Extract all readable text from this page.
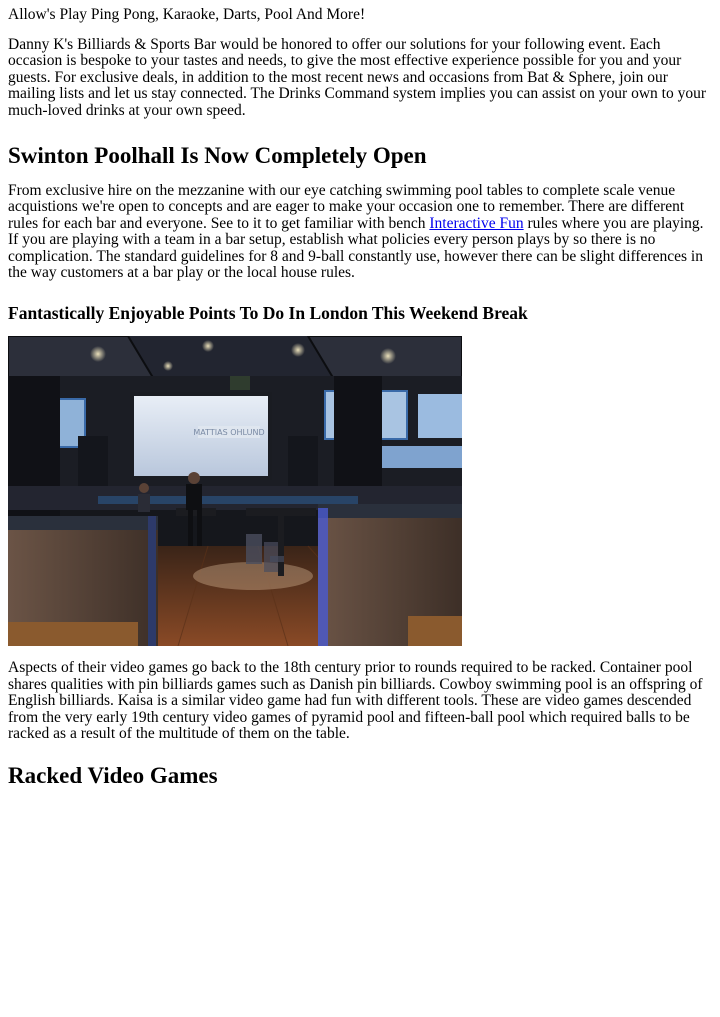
Allow's Play Ping Pong, Karaoke, Darts, Pool And More!

Danny K's Billiards & Sports Bar would be honored to offer our solutions for your following event. Each occasion is bespoke to your tastes and needs, to give the most effective experience possible for you and your guests. For exclusive deals, in addition to the most recent news and occasions from Bat & Sphere, join our mailing lists and let us stay connected. The Drinks Command system implies you can assist on your own to your much-loved drinks at your own speed.

Swinton Poolhall Is Now Completely Open

From exclusive hire on the mezzanine with our eye catching swimming pool tables to complete scale venue acquistions we're open to concepts and are eager to make your occasion one to remember. There are different rules for each bar and everyone. See to it to get familiar with bench Interactive Fun rules where you are playing. If you are playing with a team in a bar setup, establish what policies every person plays by so there is no complication. The standard guidelines for 8 and 9-ball constantly use, however there can be slight differences in the way customers at a bar play or the local house rules.

Fantastically Enjoyable Points To Do In London This Weekend Break
MATTIAS OHLUND

Aspects of their video games go back to the 18th century prior to rounds required to be racked. Container pool shares qualities with pin billiards games such as Danish pin billiards. Cowboy swimming pool is an offspring of English billiards. Kaisa is a similar video game had fun with different tools. These are video games descended from the very early 19th century video games of pyramid pool and fifteen-ball pool which required balls to be racked as a result of the multitude of them on the table.

Racked Video Games
